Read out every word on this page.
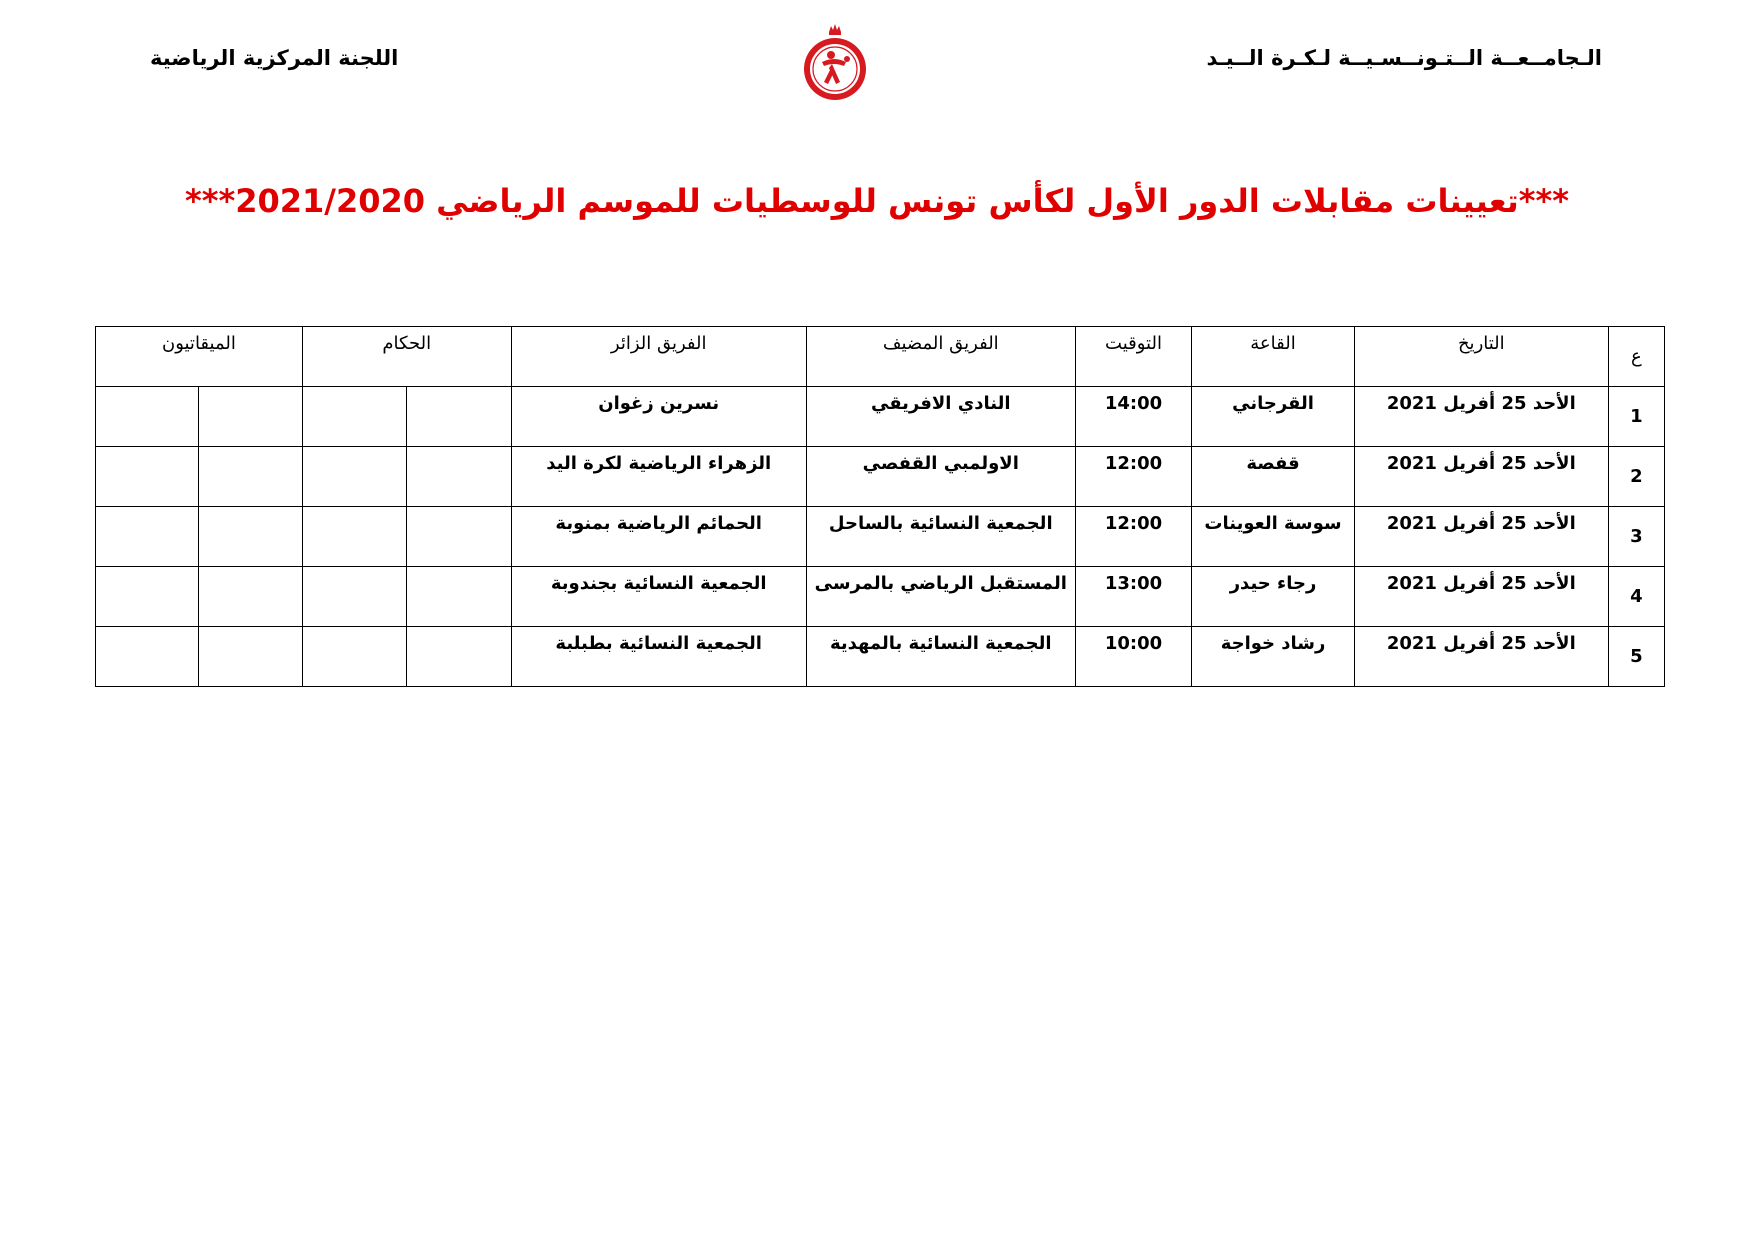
الـجامــعــة الــتـونــسـيــة لـكـرة الــيـد
اللجنة المركزية الرياضية
***تعيينات مقابلات الدور الأول لكأس تونس للوسطيات للموسم الرياضي 2021/2020***
ع	التاريخ	القاعة	التوقيت	الفريق المضيف	الفريق الزائر	الحكام		الميقاتيون	
1	الأحد 25 أفريل 2021	القرجاني	14:00	النادي الافريقي	نسرين زغوان				
2	الأحد 25 أفريل 2021	قفصة	12:00	الاولمبي القفصي	الزهراء الرياضية لكرة اليد				
3	الأحد 25 أفريل 2021	سوسة العوينات	12:00	الجمعية النسائية بالساحل	الحمائم الرياضية بمنوبة				
4	الأحد 25 أفريل 2021	رجاء حيدر	13:00	المستقبل الرياضي بالمرسى	الجمعية النسائية بجندوبة				
5	الأحد 25 أفريل 2021	رشاد خواجة	10:00	الجمعية النسائية بالمهدية	الجمعية النسائية بطبلبة				
